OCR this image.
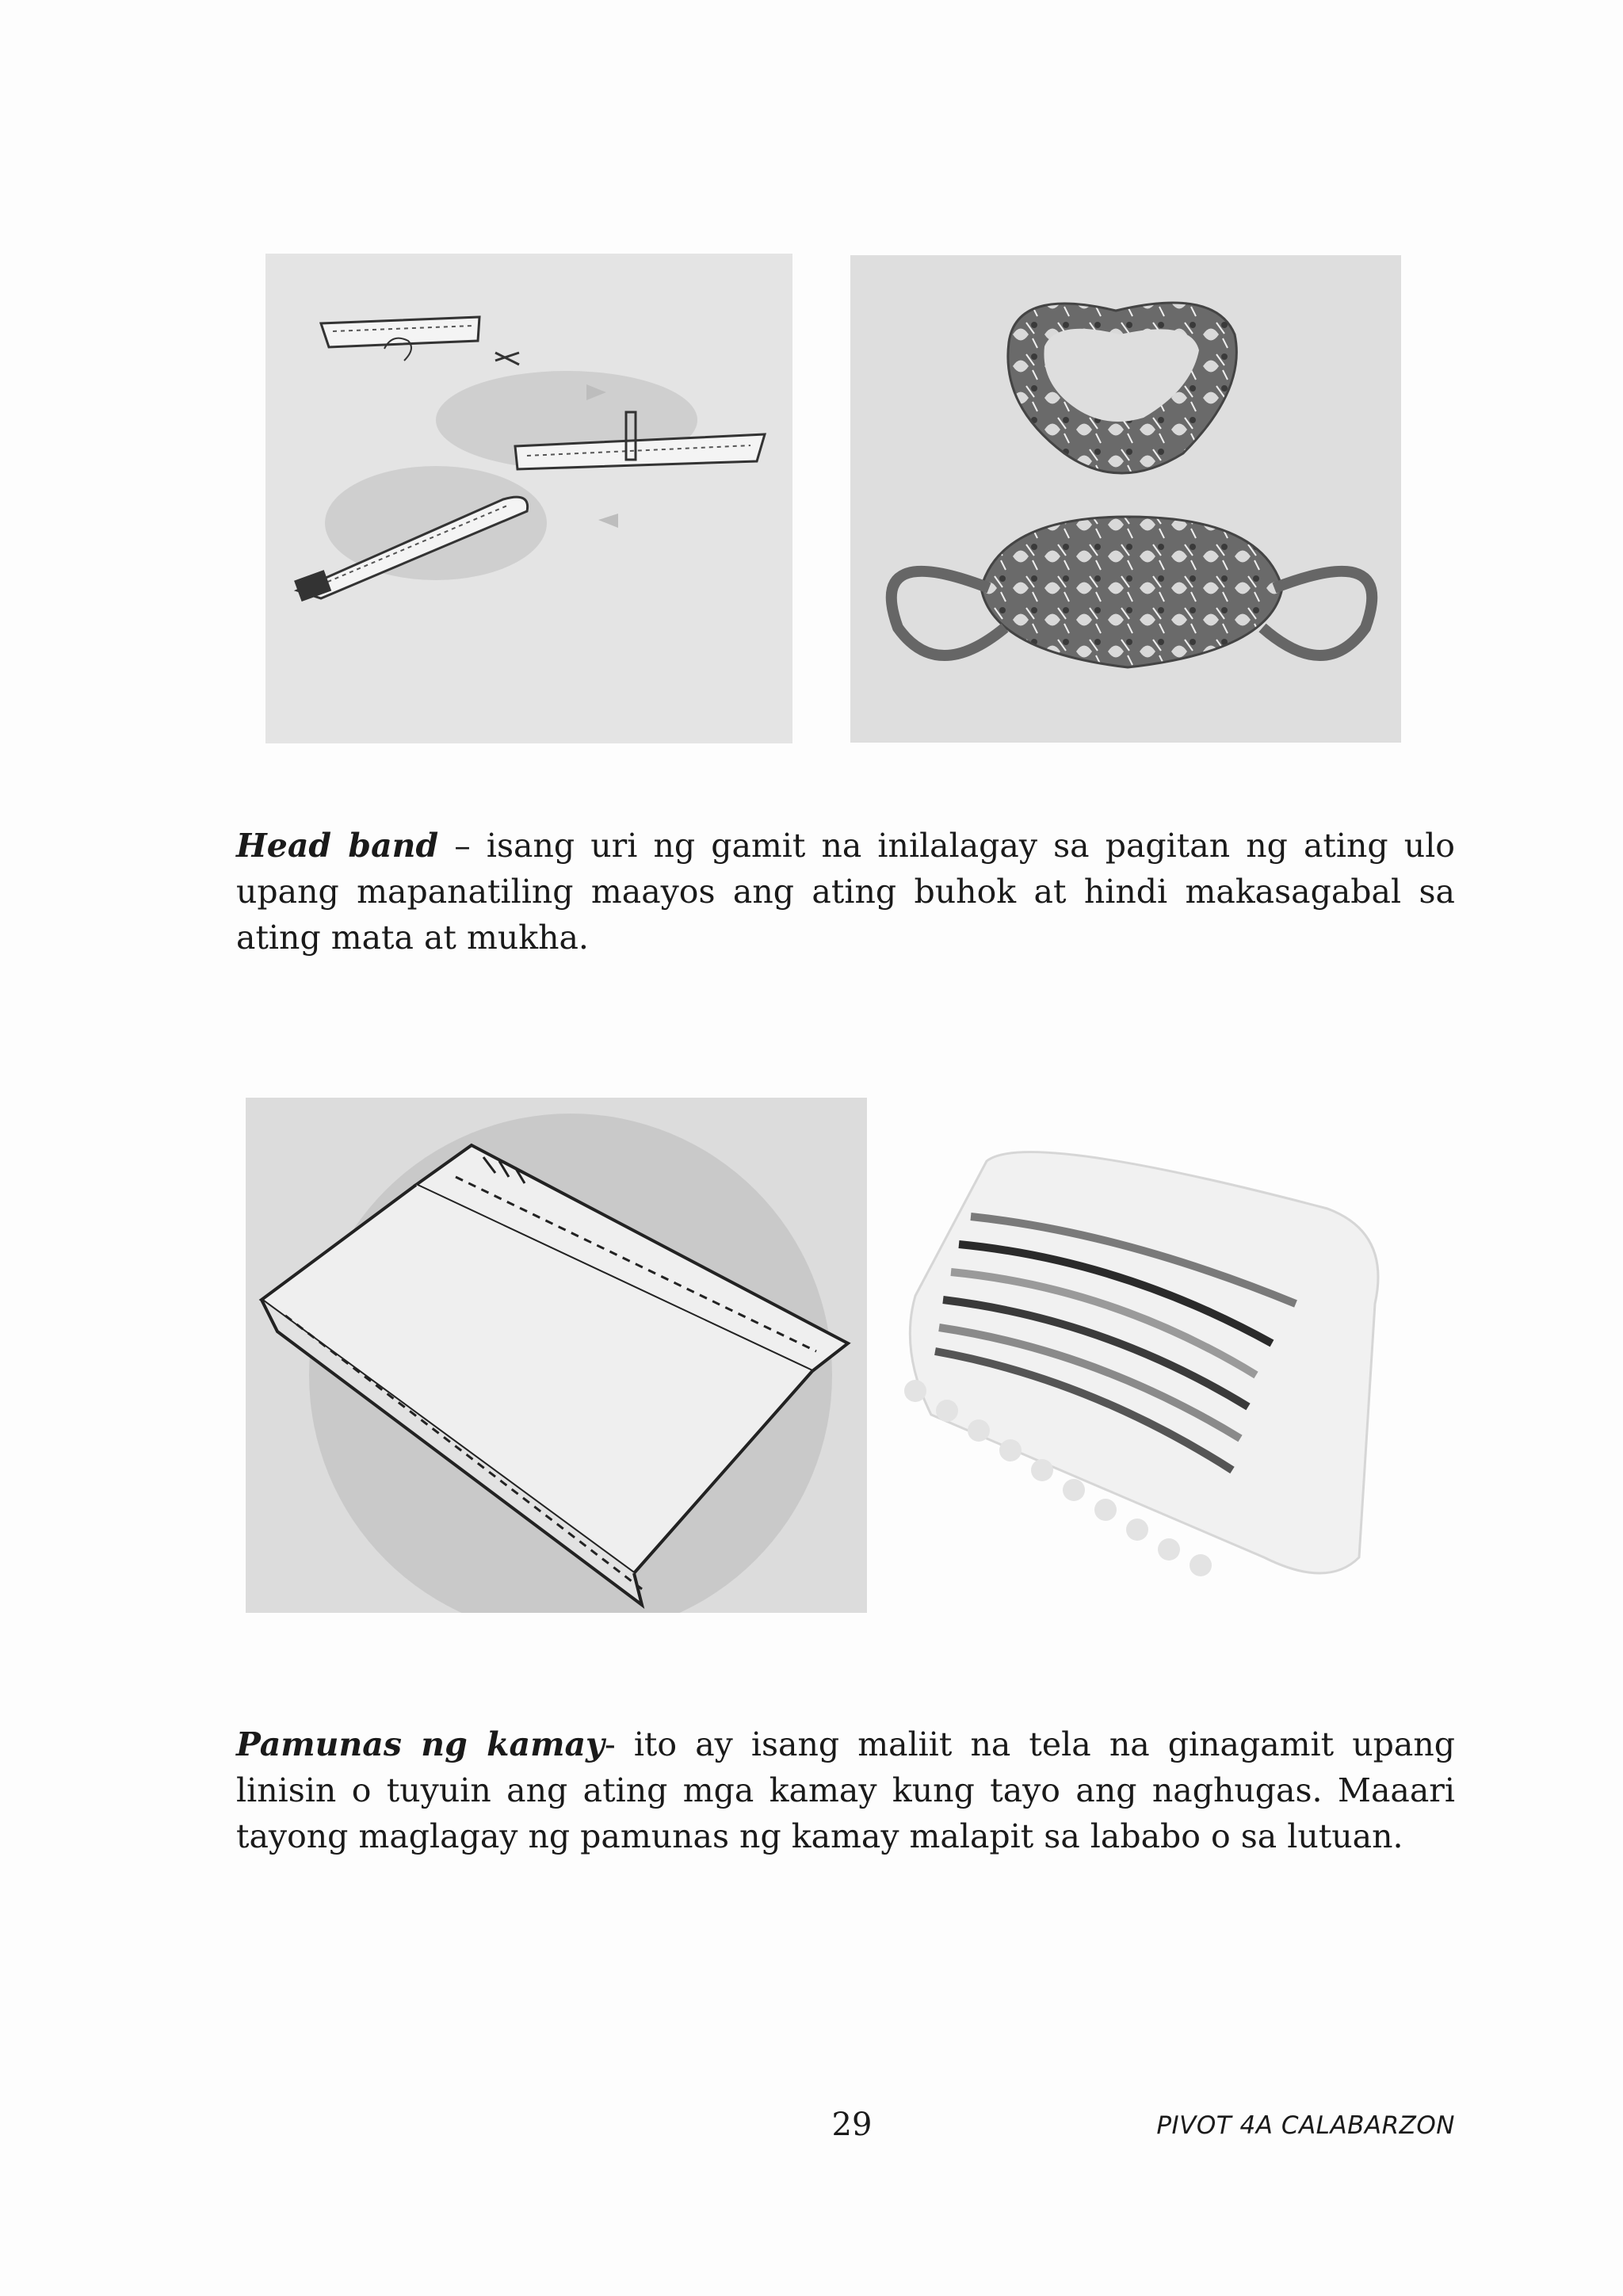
Head band – isang uri ng gamit na inilalagay sa pagitan ng ating ulo upang mapanatiling maayos ang ating buhok at hindi makasagabal sa ating mata at mukha.
Pamunas ng kamay- ito ay isang maliit na tela na ginagamit upang linisin o tuyuin ang ating mga kamay kung tayo ang naghugas. Maaari tayong maglagay ng pamunas ng kamay malapit sa lababo o sa lutuan.
29	PIVOT 4A CALABARZON
